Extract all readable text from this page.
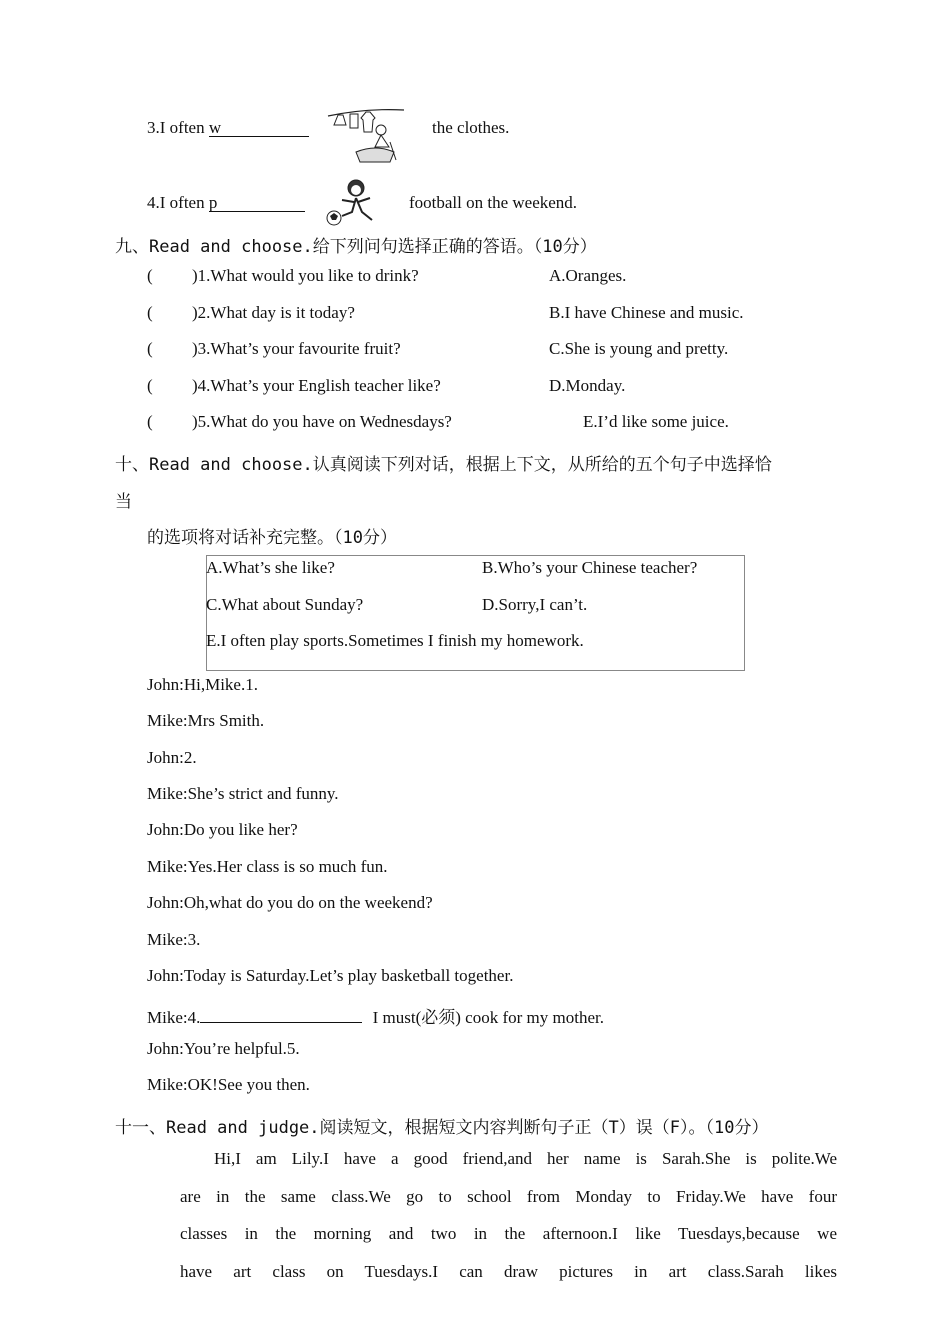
3.I often w	the clothes.
4.I often p	football on the weekend.
九、Read and choose.给下列问句选择正确的答语。（10分）
( )1.What would you like to drink?	A.Oranges.
( )2.What day is it today?	B.I have Chinese and music.
( )3.What’s your favourite fruit?	C.She is young and pretty.
( )4.What’s your English teacher like?	D.Monday.
( )5.What do you have on Wednesdays?	E.I’d like some juice.
十、Read and choose.认真阅读下列对话，根据上下文，从所给的五个句子中选择恰
当
的选项将对话补充完整。（10分）
A.What’s she like?	B.Who’s your Chinese teacher?
C.What about Sunday?	D.Sorry,I can’t.
E.I often play sports.Sometimes I finish my homework.
John:Hi,Mike.1.
Mike:Mrs Smith.
John:2.
Mike:She’s strict and funny.
John:Do you like her?
Mike:Yes.Her class is so much fun.
John:Oh,what do you do on the weekend?
Mike:3.
John:Today is Saturday.Let’s play basketball together.
Mike:4.	I must(必须) cook for my mother.
John:You’re helpful.5.
Mike:OK!See you then.
十一、Read and judge.阅读短文，根据短文内容判断句子正（T）误（F）。（10分）
Hi,I am Lily.I have a good friend,and her name is Sarah.She is polite.We
are in the same class.We go to school from Monday to Friday.We have four
classes in the morning and two in the afternoon.I like Tuesdays,because we
have art class on Tuesdays.I can draw pictures in art class.Sarah likes
